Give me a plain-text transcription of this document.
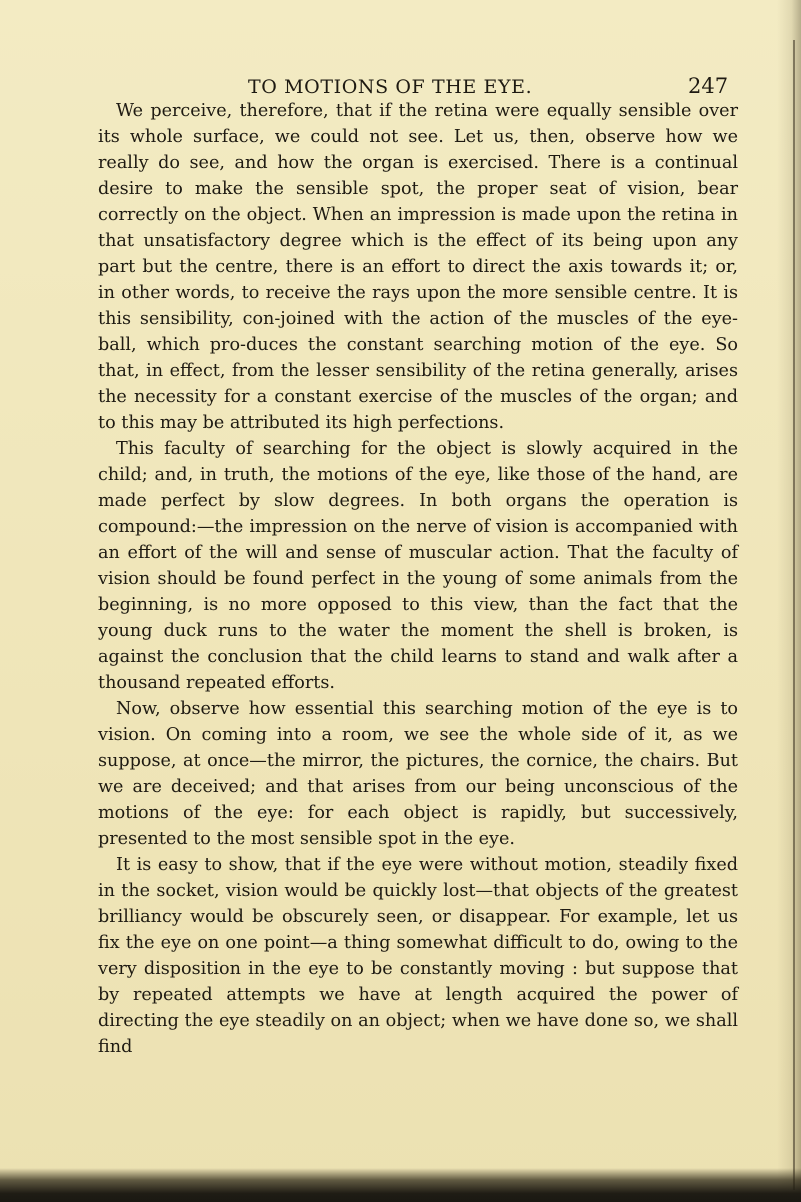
TO MOTIONS OF THE EYE.	247

We perceive, therefore, that if the retina were equally sensible over its whole surface, we could not see. Let us, then, observe how we really do see, and how the organ is exercised. There is a continual desire to make the sensible spot, the proper seat of vision, bear correctly on the object. When an impression is made upon the retina in that unsatisfactory degree which is the effect of its being upon any part but the centre, there is an effort to direct the axis towards it; or, in other words, to receive the rays upon the more sensible centre. It is this sensibility, con-joined with the action of the muscles of the eye-ball, which pro-duces the constant searching motion of the eye. So that, in effect, from the lesser sensibility of the retina generally, arises the necessity for a constant exercise of the muscles of the organ; and to this may be attributed its high perfections.

This faculty of searching for the object is slowly acquired in the child; and, in truth, the motions of the eye, like those of the hand, are made perfect by slow degrees. In both organs the operation is compound:—the impression on the nerve of vision is accompanied with an effort of the will and sense of muscular action. That the faculty of vision should be found perfect in the young of some animals from the beginning, is no more opposed to this view, than the fact that the young duck runs to the water the moment the shell is broken, is against the conclusion that the child learns to stand and walk after a thousand repeated efforts.

Now, observe how essential this searching motion of the eye is to vision. On coming into a room, we see the whole side of it, as we suppose, at once—the mirror, the pictures, the cornice, the chairs. But we are deceived; and that arises from our being unconscious of the motions of the eye: for each object is rapidly, but successively, presented to the most sensible spot in the eye.

It is easy to show, that if the eye were without motion, steadily fixed in the socket, vision would be quickly lost—that objects of the greatest brilliancy would be obscurely seen, or disappear. For example, let us fix the eye on one point—a thing somewhat difficult to do, owing to the very disposition in the eye to be constantly moving : but suppose that by repeated attempts we have at length acquired the power of directing the eye steadily on an object; when we have done so, we shall find
